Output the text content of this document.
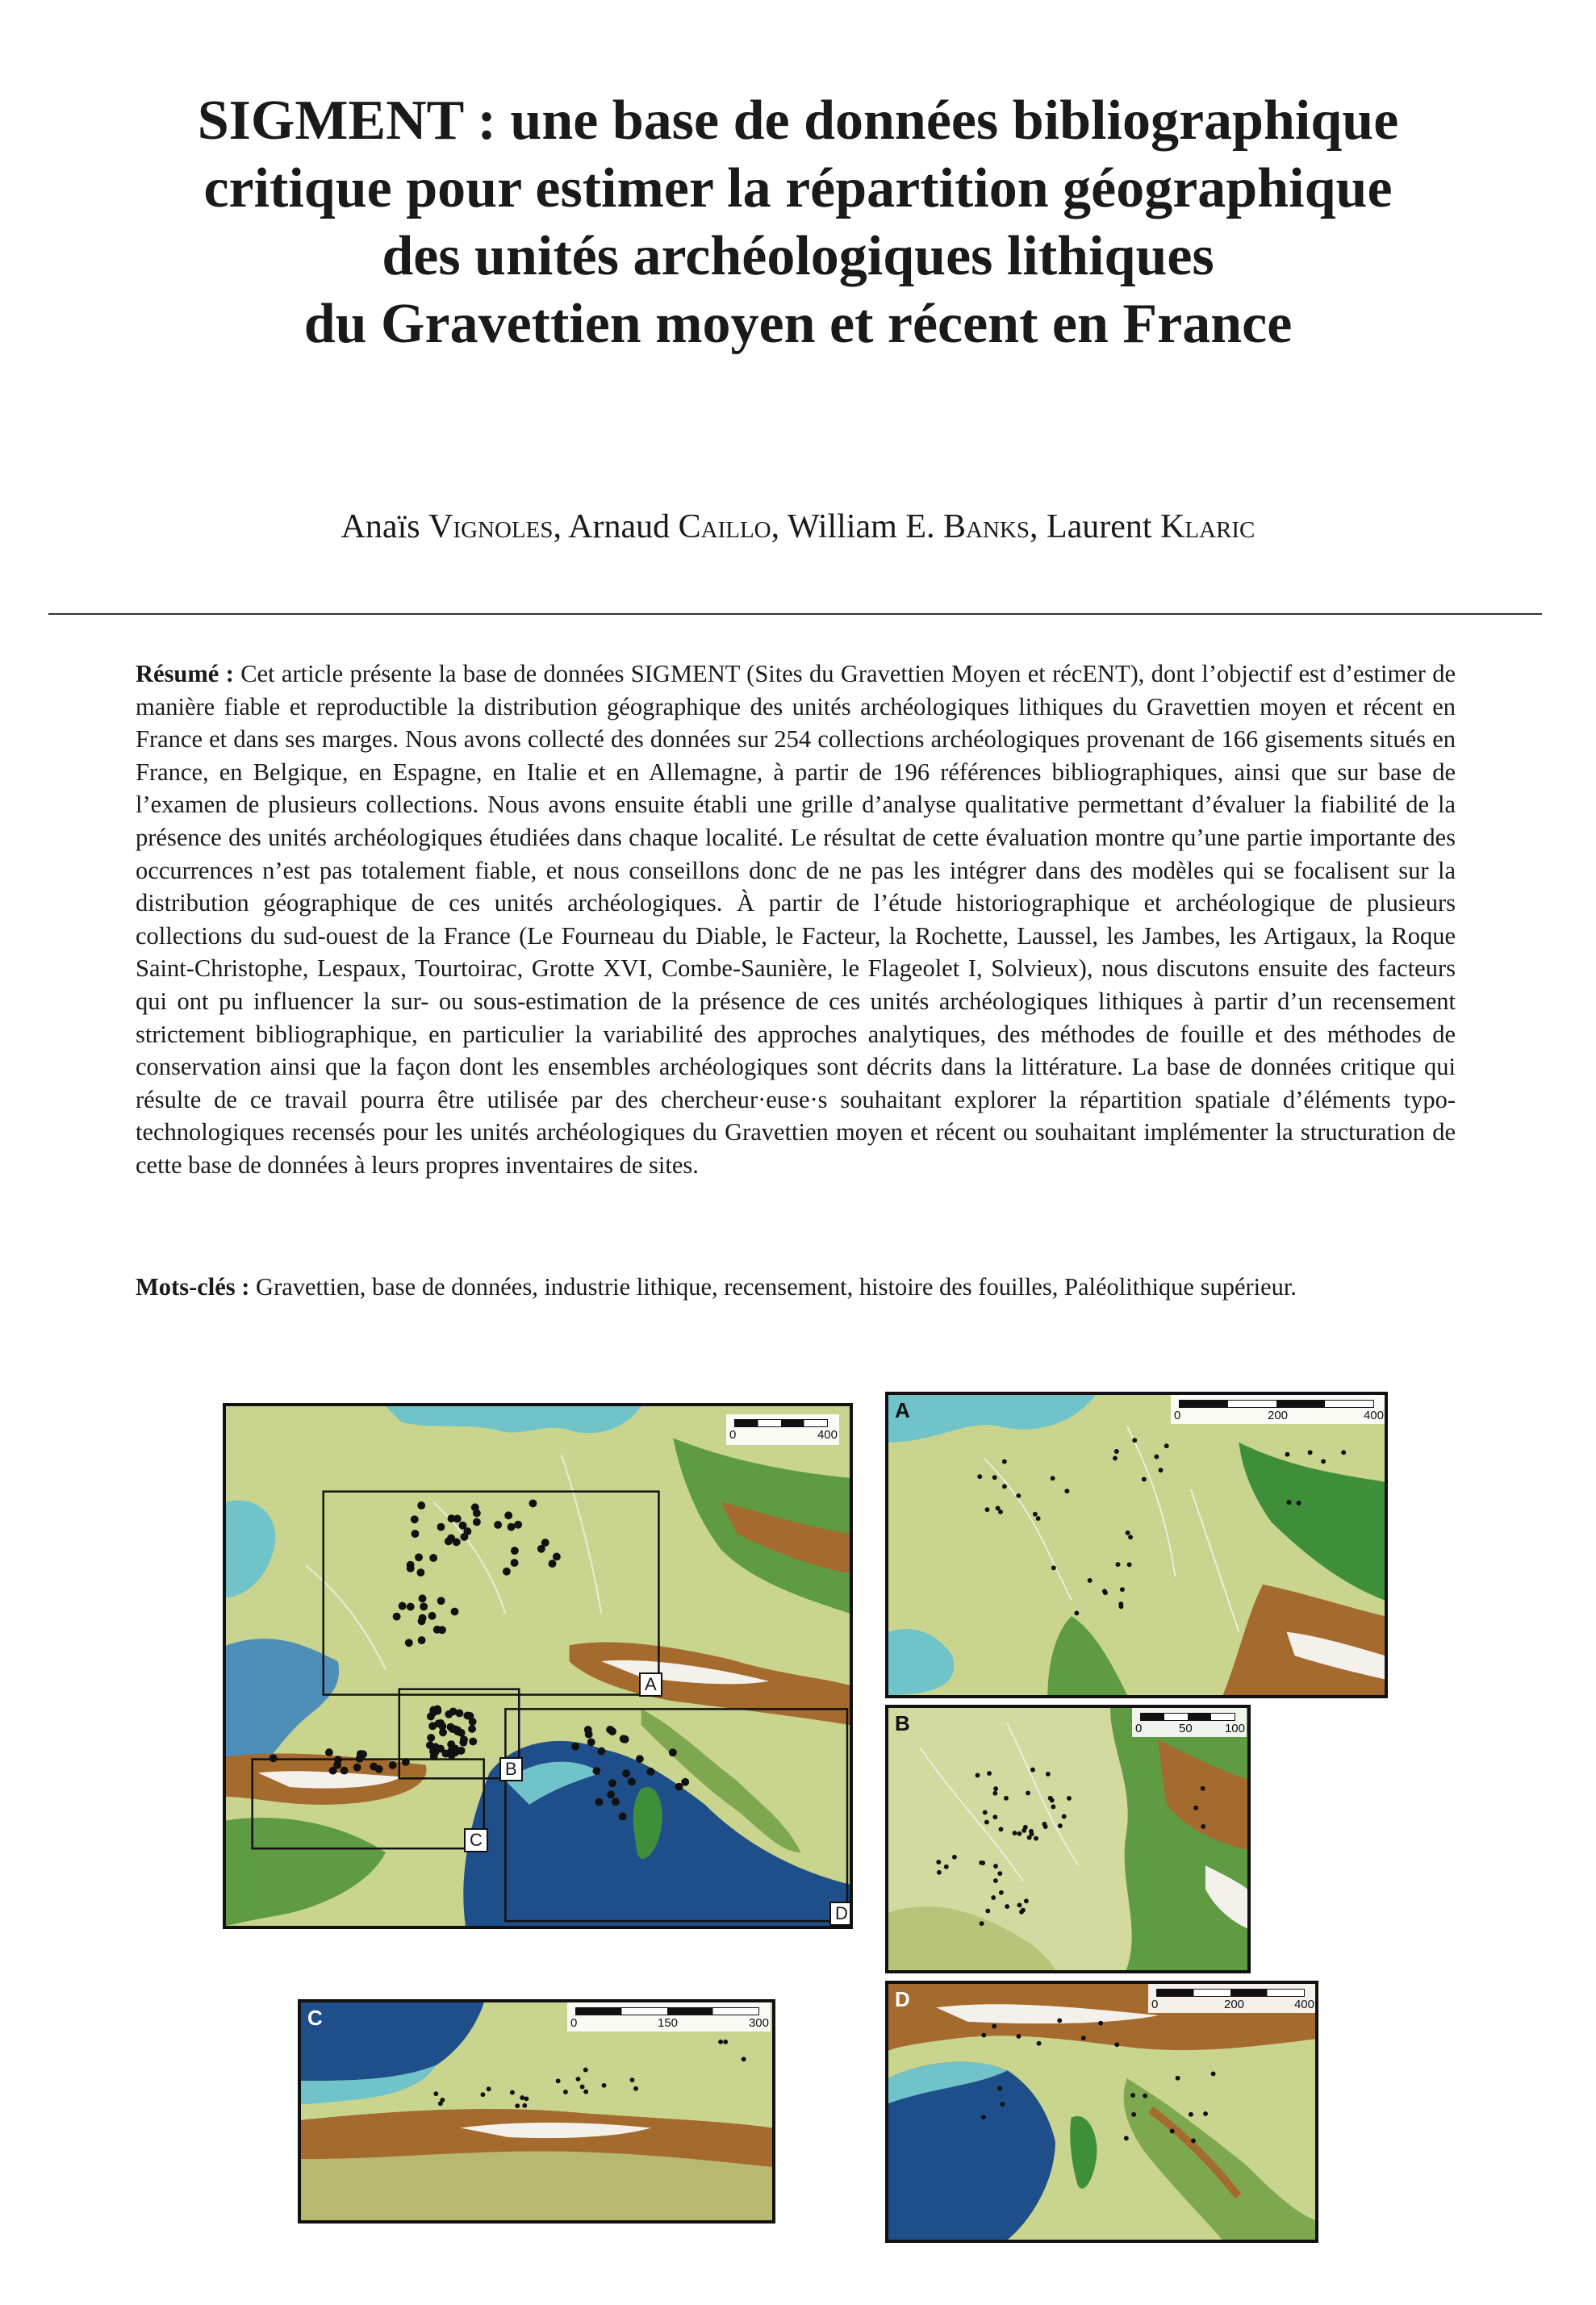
SIGMENT : une base de données bibliographique
critique pour estimer la répartition géographique
des unités archéologiques lithiques
du Gravettien moyen et récent en France
Anaïs Vignoles, Arnaud Caillo, William E. Banks, Laurent Klaric

Résumé : Cet article présente la base de données SIGMENT (Sites du Gravettien Moyen et récENT), dont l’objectif est d’estimer de manière fiable et reproductible la distribution géographique des unités archéologiques lithiques du Gravettien moyen et récent en France et dans ses marges. Nous avons collecté des données sur 254 collections archéologiques provenant de 166 gisements situés en France, en Belgique, en Espagne, en Italie et en Allemagne, à partir de 196 références bibliographiques, ainsi que sur base de l’examen de plusieurs collections. Nous avons ensuite établi une grille d’analyse qualitative permettant d’évaluer la fiabilité de la présence des unités archéologiques étudiées dans chaque localité. Le résultat de cette évaluation montre qu’une partie importante des occurrences n’est pas totalement fiable, et nous conseillons donc de ne pas les intégrer dans des modèles qui se focalisent sur la distribution géographique de ces unités archéologiques. À partir de l’étude historiographique et archéologique de plusieurs collections du sud-ouest de la France (Le Fourneau du Diable, le Facteur, la Rochette, Laussel, les Jambes, les Artigaux, la Roque Saint-Christophe, Lespaux, Tourtoirac, Grotte XVI, Combe-Saunière, le Flageolet I, Solvieux), nous discutons ensuite des facteurs qui ont pu influencer la sur- ou sous-estimation de la présence de ces unités archéologiques lithiques à partir d’un recensement strictement bibliographique, en particulier la variabilité des approches analytiques, des méthodes de fouille et des méthodes de conservation ainsi que la façon dont les ensembles archéologiques sont décrits dans la littérature. La base de données critique qui résulte de ce travail pourra être utilisée par des chercheur·euse·s souhaitant explorer la répartition spatiale d’éléments typo-technologiques recensés pour les unités archéologiques du Gravettien moyen et récent ou souhaitant implémenter la structuration de cette base de données à leurs propres inventaires de sites.

Mots-clés : Gravettien, base de données, industrie lithique, recensement, histoire des fouilles, Paléolithique supérieur.

0	400
A
B
C
D
A	0	200	400
B	0	50	100
C	0	150	300
D	0	200	400
